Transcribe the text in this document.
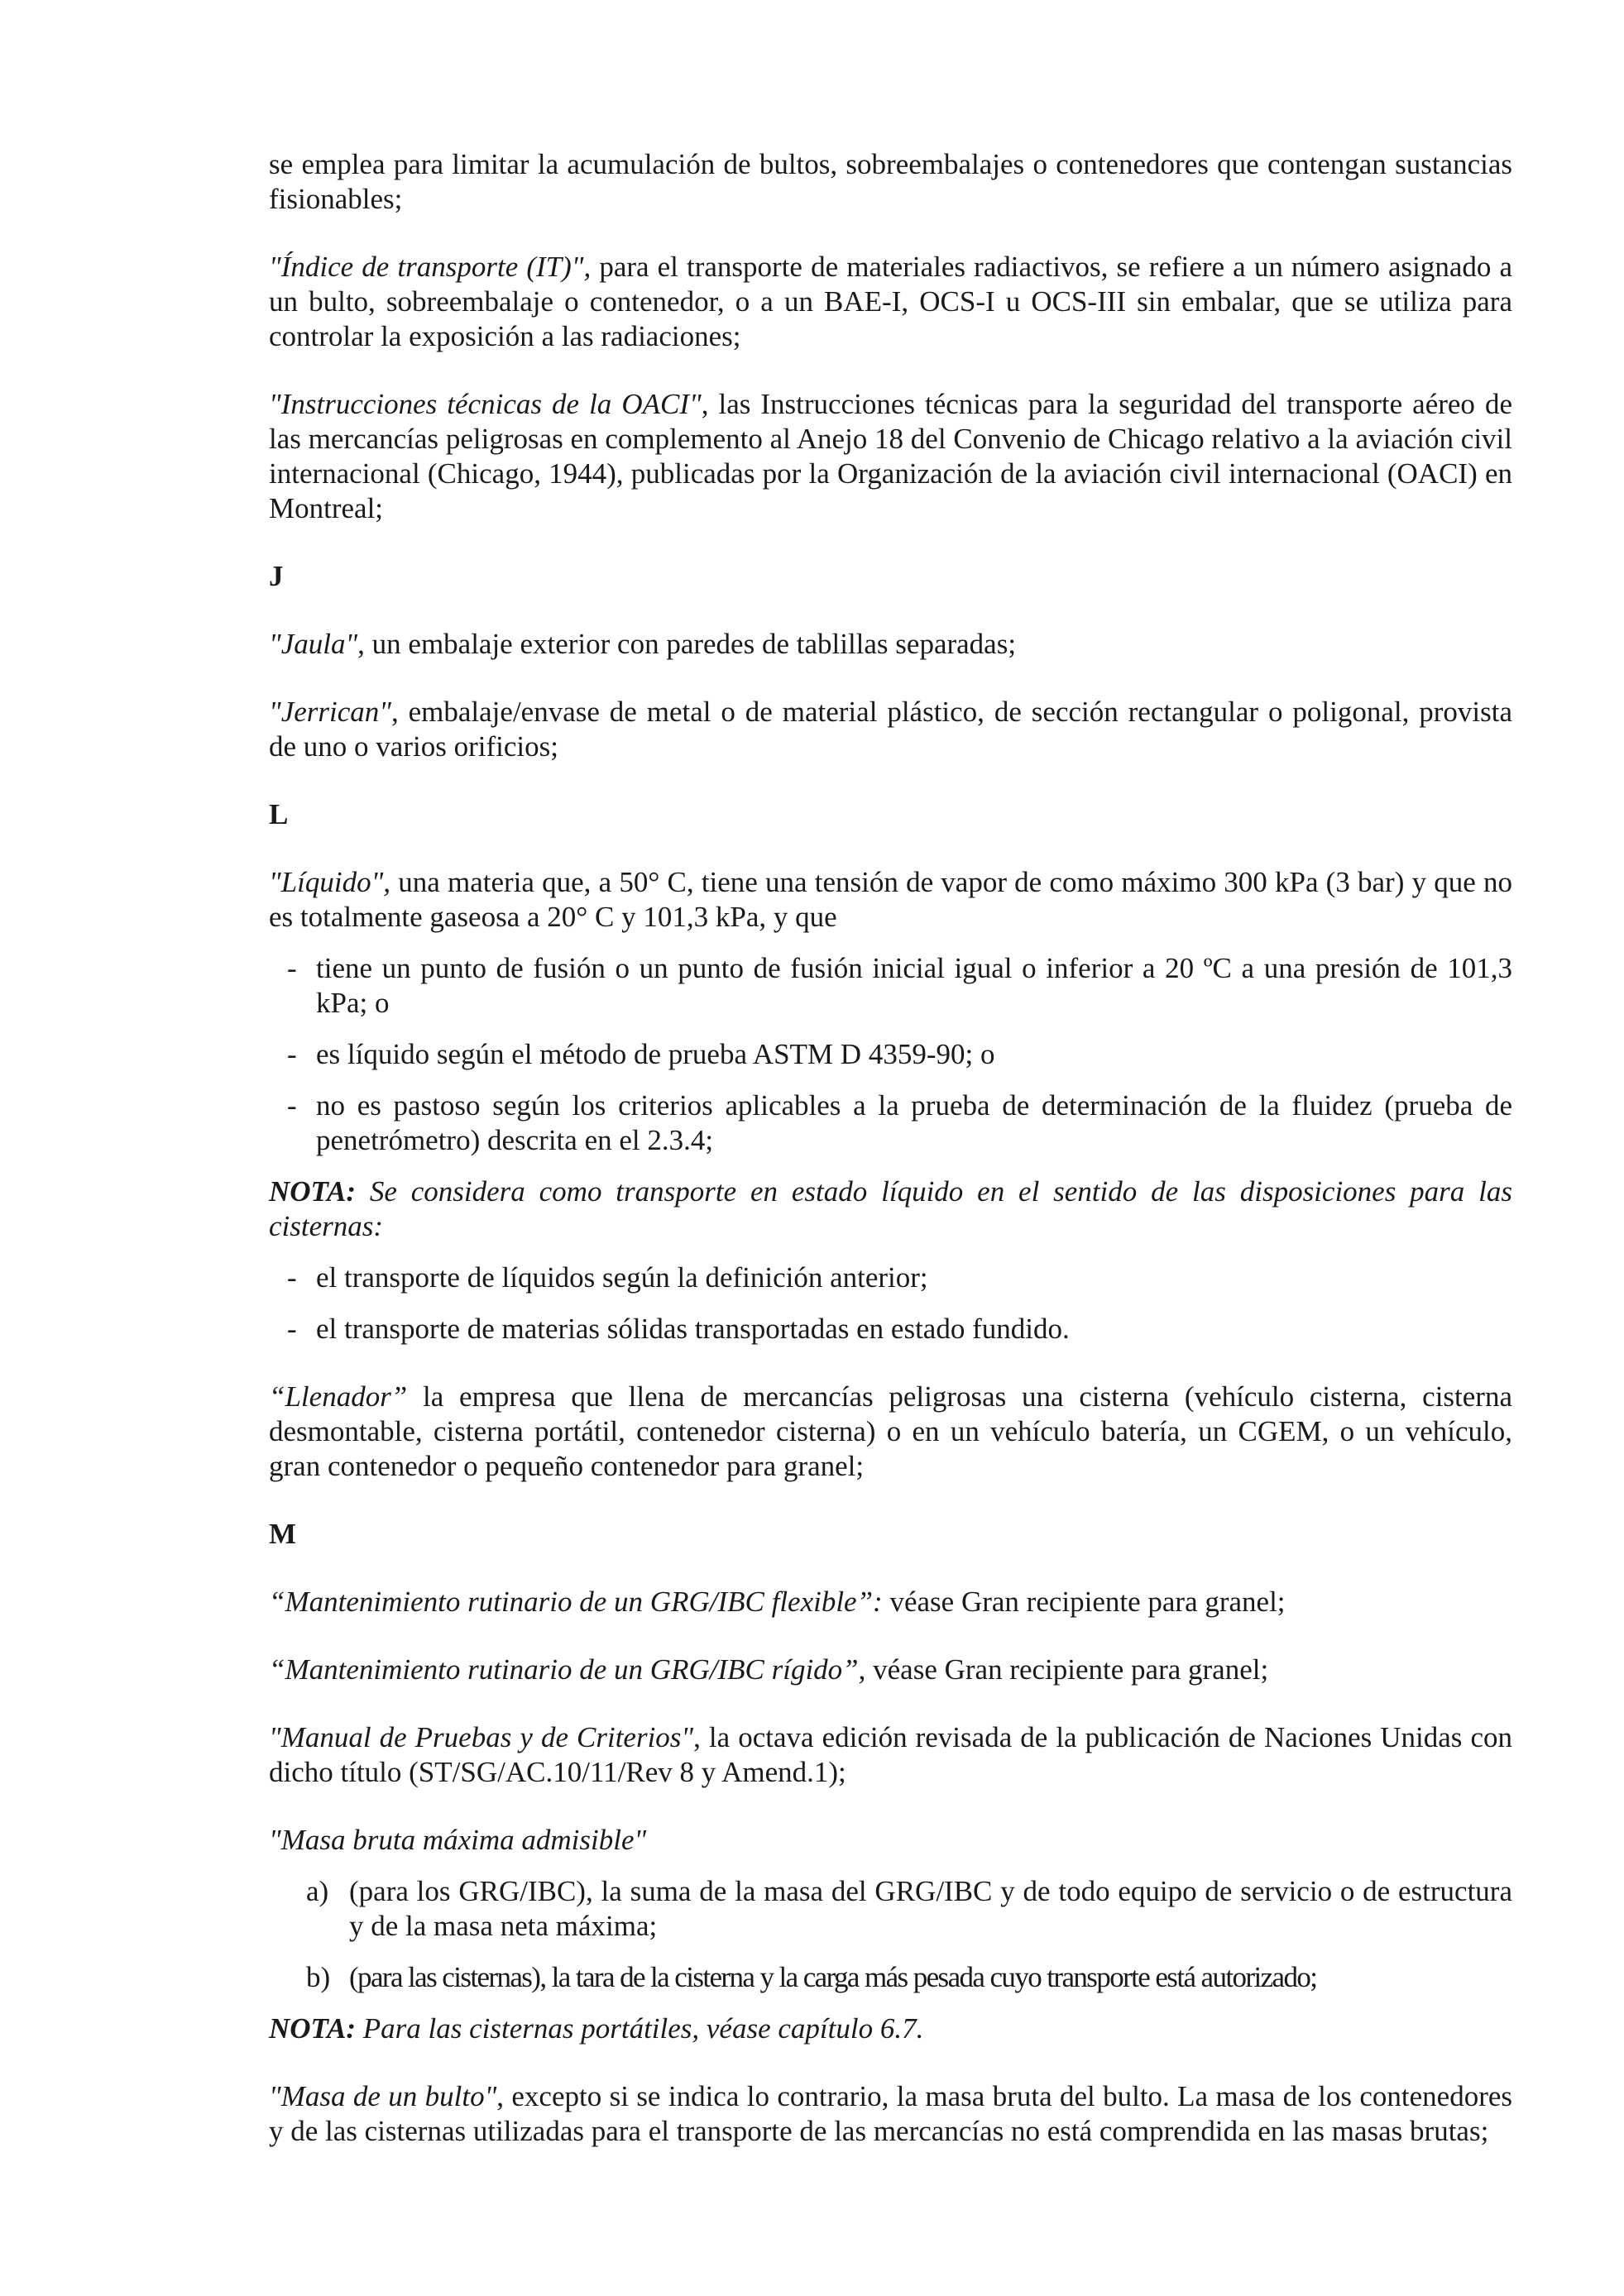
se emplea para limitar la acumulación de bultos, sobreembalajes o contenedores que contengan sustancias fisionables;

"Índice de transporte (IT)", para el transporte de materiales radiactivos, se refiere a un número asignado a un bulto, sobreembalaje o contenedor, o a un BAE-I, OCS-I u OCS-III sin embalar, que se utiliza para controlar la exposición a las radiaciones;

"Instrucciones técnicas de la OACI", las Instrucciones técnicas para la seguridad del transporte aéreo de las mercancías peligrosas en complemento al Anejo 18 del Convenio de Chicago relativo a la aviación civil internacional (Chicago, 1944), publicadas por la Organización de la aviación civil internacional (OACI) en Montreal;

J

"Jaula", un embalaje exterior con paredes de tablillas separadas;

"Jerrican", embalaje/envase de metal o de material plástico, de sección rectangular o poligonal, provista de uno o varios orificios;

L

"Líquido", una materia que, a 50° C, tiene una tensión de vapor de como máximo 300 kPa (3 bar) y que no es totalmente gaseosa a 20° C y 101,3 kPa, y que

- tiene un punto de fusión o un punto de fusión inicial igual o inferior a 20 ºC a una presión de 101,3 kPa; o
- es líquido según el método de prueba ASTM D 4359-90; o
- no es pastoso según los criterios aplicables a la prueba de determinación de la fluidez (prueba de penetrómetro) descrita en el 2.3.4;

NOTA: Se considera como transporte en estado líquido en el sentido de las disposiciones para las cisternas:

- el transporte de líquidos según la definición anterior;
- el transporte de materias sólidas transportadas en estado fundido.

“Llenador” la empresa que llena de mercancías peligrosas una cisterna (vehículo cisterna, cisterna desmontable, cisterna portátil, contenedor cisterna) o en un vehículo batería, un CGEM, o un vehículo, gran contenedor o pequeño contenedor para granel;

M

“Mantenimiento rutinario de un GRG/IBC flexible”: véase Gran recipiente para granel;

“Mantenimiento rutinario de un GRG/IBC rígido”, véase Gran recipiente para granel;

"Manual de Pruebas y de Criterios", la octava edición revisada de la publicación de Naciones Unidas con dicho título (ST/SG/AC.10/11/Rev 8 y Amend.1);

"Masa bruta máxima admisible"

a) (para los GRG/IBC), la suma de la masa del GRG/IBC y de todo equipo de servicio o de estructura y de la masa neta máxima;
b) (para las cisternas), la tara de la cisterna y la carga más pesada cuyo transporte está autorizado;

NOTA: Para las cisternas portátiles, véase capítulo 6.7.

"Masa de un bulto", excepto si se indica lo contrario, la masa bruta del bulto. La masa de los contenedores y de las cisternas utilizadas para el transporte de las mercancías no está comprendida en las masas brutas;
